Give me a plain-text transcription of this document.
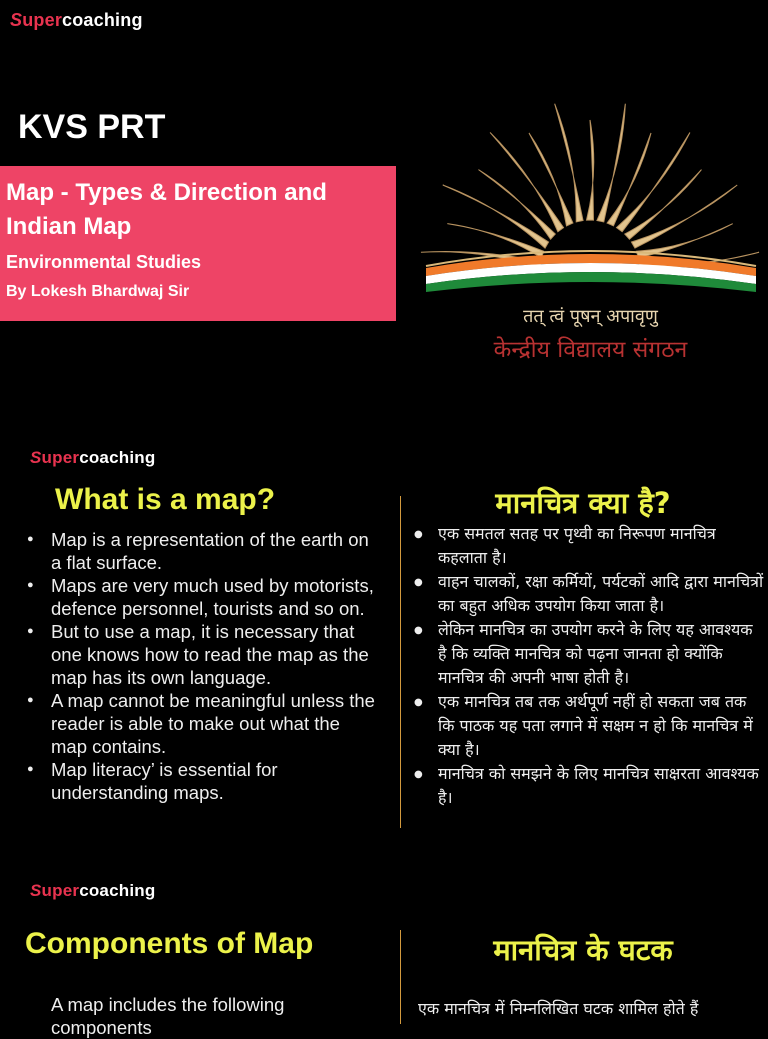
Supercoaching
KVS PRT
Map - Types & Direction and Indian Map
Environmental Studies
By Lokesh Bhardwaj Sir
तत् त्वं पूषन् अपावृणु
केन्द्रीय विद्यालय संगठन
Supercoaching
What is a map?	मानचित्र क्या है?
● Map is a representation of the earth on a flat surface.
● Maps are very much used by motorists, defence personnel, tourists and so on.
● But to use a map, it is necessary that one knows how to read the map as the map has its own language.
● A map cannot be meaningful unless the reader is able to make out what the map contains.
● Map literacy’ is essential for understanding maps.
● एक समतल सतह पर पृथ्वी का निरूपण मानचित्र कहलाता है।
● वाहन चालकों, रक्षा कर्मियों, पर्यटकों आदि द्वारा मानचित्रों का बहुत अधिक उपयोग किया जाता है।
● लेकिन मानचित्र का उपयोग करने के लिए यह आवश्यक है कि व्यक्ति मानचित्र को पढ़ना जानता हो क्योंकि मानचित्र की अपनी भाषा होती है।
● एक मानचित्र तब तक अर्थपूर्ण नहीं हो सकता जब तक कि पाठक यह पता लगाने में सक्षम न हो कि मानचित्र में क्या है।
● मानचित्र को समझने के लिए मानचित्र साक्षरता आवश्यक है।
Supercoaching
Components of Map	मानचित्र के घटक
A map includes the following components
एक मानचित्र में निम्नलिखित घटक शामिल होते हैं
